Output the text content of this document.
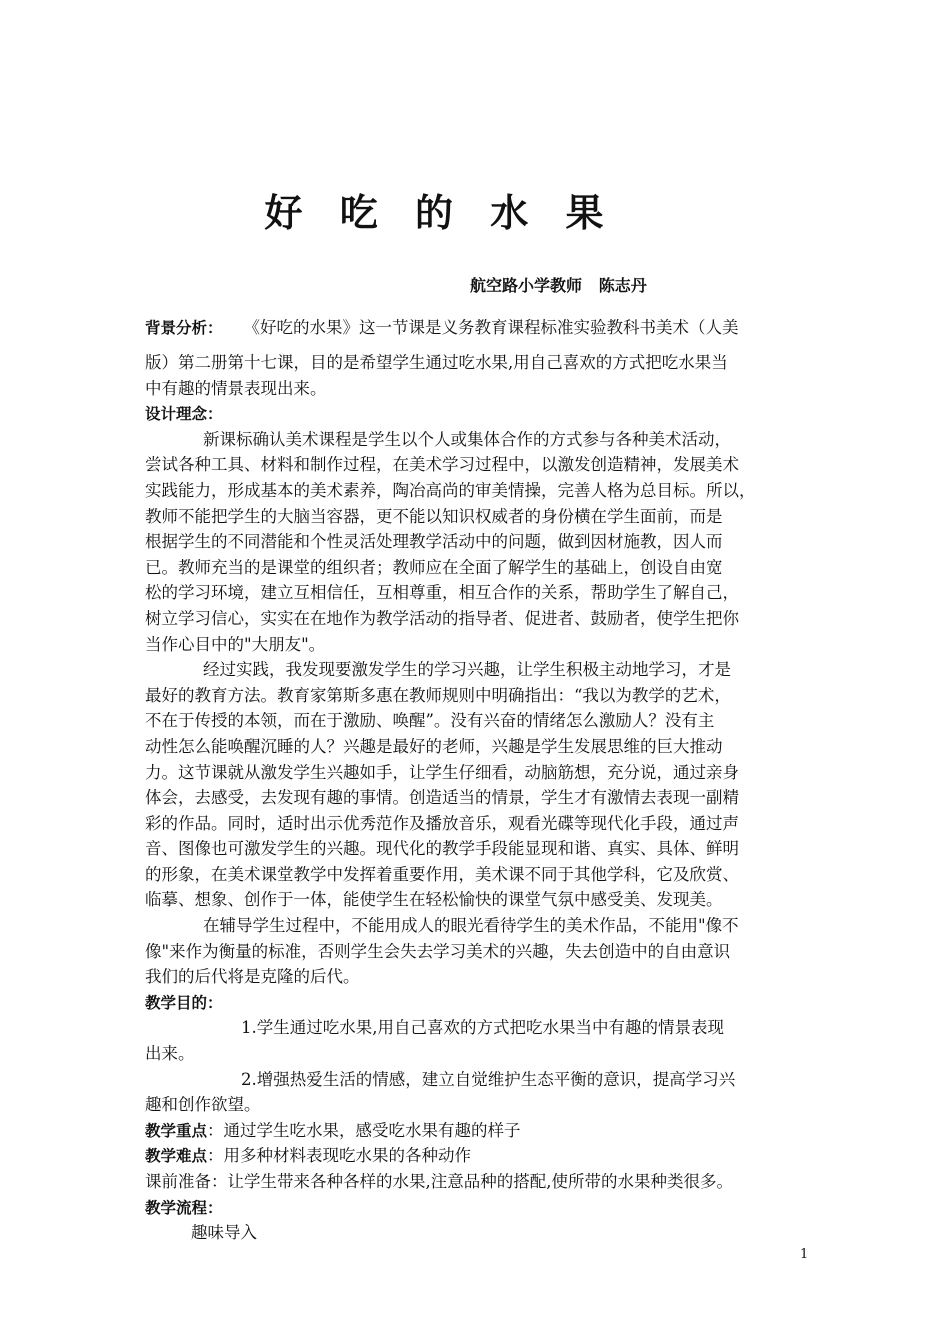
好 吃 的 水 果
航空路小学教师   陈志丹
背景分析：    《好吃的水果》这一节课是义务教育课程标准实验教科书美术（人美
版）第二册第十七课，目的是希望学生通过吃水果,用自己喜欢的方式把吃水果当
中有趣的情景表现出来。
设计理念：
新课标确认美术课程是学生以个人或集体合作的方式参与各种美术活动，
尝试各种工具、材料和制作过程，在美术学习过程中，以激发创造精神，发展美术
实践能力，形成基本的美术素养，陶冶高尚的审美情操，完善人格为总目标。所以，
教师不能把学生的大脑当容器，更不能以知识权威者的身份横在学生面前，而是
根据学生的不同潜能和个性灵活处理教学活动中的问题，做到因材施教，因人而
已。教师充当的是课堂的组织者；教师应在全面了解学生的基础上，创设自由宽
松的学习环境，建立互相信任，互相尊重，相互合作的关系，帮助学生了解自己，
树立学习信心，实实在在地作为教学活动的指导者、促进者、鼓励者，使学生把你
当作心目中的"大朋友"。
经过实践，我发现要激发学生的学习兴趣，让学生积极主动地学习，才是
最好的教育方法。教育家第斯多惠在教师规则中明确指出：“我以为教学的艺术，
不在于传授的本领，而在于激励、唤醒”。没有兴奋的情绪怎么激励人？没有主
动性怎么能唤醒沉睡的人？兴趣是最好的老师，兴趣是学生发展思维的巨大推动
力。这节课就从激发学生兴趣如手，让学生仔细看，动脑筋想，充分说，通过亲身
体会，去感受，去发现有趣的事情。创造适当的情景，学生才有激情去表现一副精
彩的作品。同时，适时出示优秀范作及播放音乐，观看光碟等现代化手段，通过声
音、图像也可激发学生的兴趣。现代化的教学手段能显现和谐、真实、具体、鲜明
的形象，在美术课堂教学中发挥着重要作用，美术课不同于其他学科，它及欣赏、
临摹、想象、创作于一体，能使学生在轻松愉快的课堂气氛中感受美、发现美。
在辅导学生过程中，不能用成人的眼光看待学生的美术作品，不能用"像不
像"来作为衡量的标准，否则学生会失去学习美术的兴趣，失去创造中的自由意识
我们的后代将是克隆的后代。
教学目的：
1.学生通过吃水果,用自己喜欢的方式把吃水果当中有趣的情景表现
出来。
2.增强热爱生活的情感，建立自觉维护生态平衡的意识，提高学习兴
趣和创作欲望。
教学重点：通过学生吃水果，感受吃水果有趣的样子
教学难点：用多种材料表现吃水果的各种动作
课前准备：让学生带来各种各样的水果,注意品种的搭配,使所带的水果种类很多。
教学流程：
趣味导入
1
